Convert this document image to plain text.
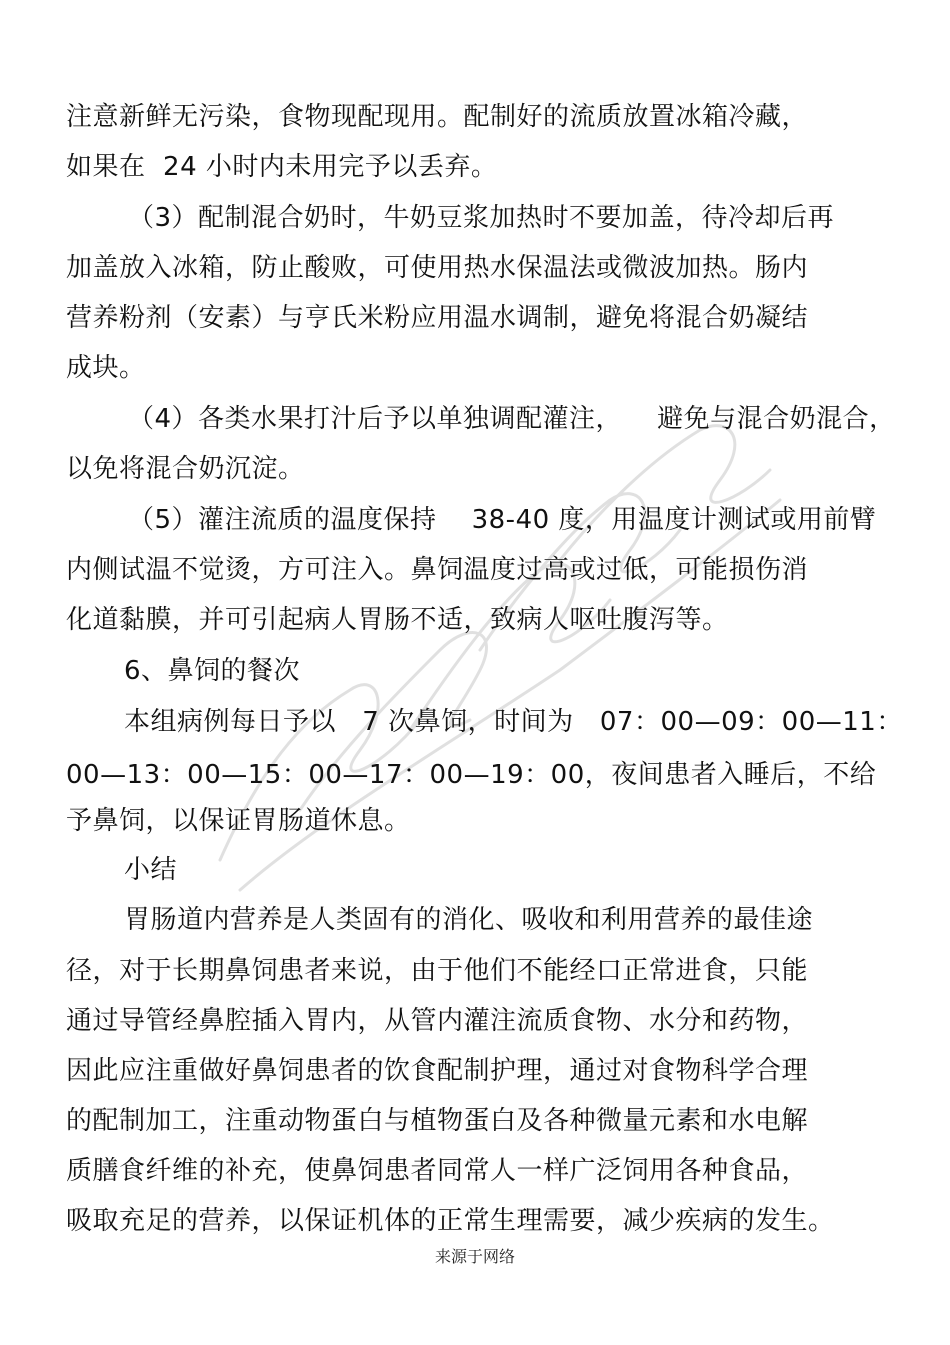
注意新鲜无污染，食物现配现用。配制好的流质放置冰箱冷藏，
如果在  24 小时内未用完予以丢弃。
（3）配制混合奶时，牛奶豆浆加热时不要加盖，待冷却后再
加盖放入冰箱，防止酸败，可使用热水保温法或微波加热。肠内
营养粉剂（安素）与亨氏米粉应用温水调制，避免将混合奶凝结
成块。
（4）各类水果打汁后予以单独调配灌注，    避免与混合奶混合，
以免将混合奶沉淀。
（5）灌注流质的温度保持    38-40 度，用温度计测试或用前臂
内侧试温不觉烫，方可注入。鼻饲温度过高或过低，可能损伤消
化道黏膜，并可引起病人胃肠不适，致病人呕吐腹泻等。
6、鼻饲的餐次
本组病例每日予以   7 次鼻饲，时间为   07：00—09：00—11：
00—13：00—15：00—17：00—19：00，夜间患者入睡后，不给
予鼻饲，以保证胃肠道休息。
小结
胃肠道内营养是人类固有的消化、吸收和利用营养的最佳途
径，对于长期鼻饲患者来说，由于他们不能经口正常进食，只能
通过导管经鼻腔插入胃内，从管内灌注流质食物、水分和药物，
因此应注重做好鼻饲患者的饮食配制护理，通过对食物科学合理
的配制加工，注重动物蛋白与植物蛋白及各种微量元素和水电解
质膳食纤维的补充，使鼻饲患者同常人一样广泛饲用各种食品，
吸取充足的营养，以保证机体的正常生理需要，减少疾病的发生。
来源于网络
